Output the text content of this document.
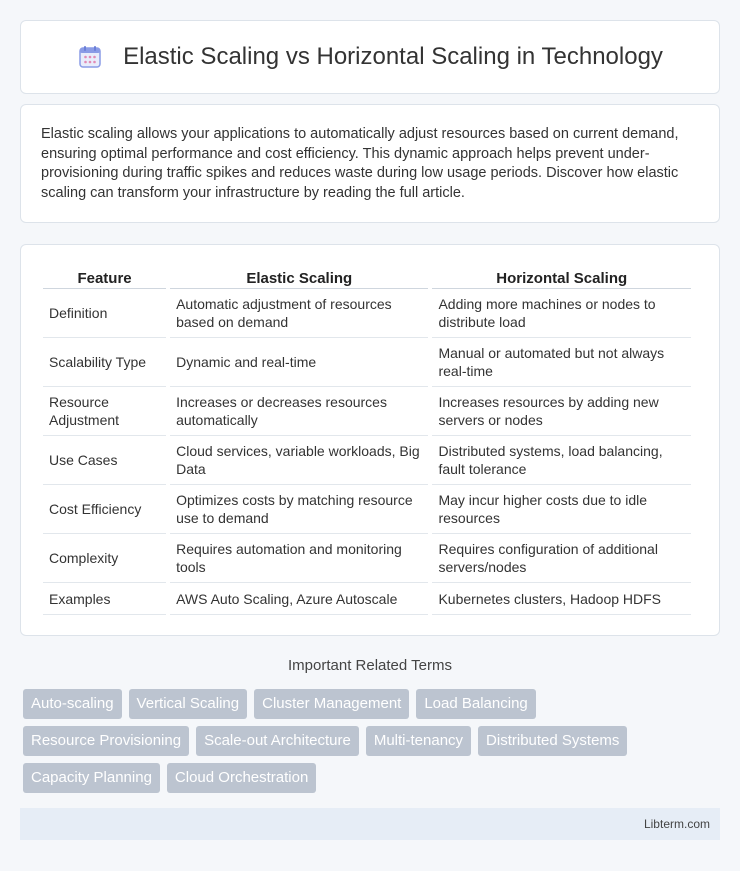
Elastic Scaling vs Horizontal Scaling in Technology

Elastic scaling allows your applications to automatically adjust resources based on current demand, ensuring optimal performance and cost efficiency. This dynamic approach helps prevent under-provisioning during traffic spikes and reduces waste during low usage periods. Discover how elastic scaling can transform your infrastructure by reading the full article.

Feature	Elastic Scaling	Horizontal Scaling
Definition	Automatic adjustment of resources based on demand	Adding more machines or nodes to distribute load
Scalability Type	Dynamic and real-time	Manual or automated but not always real-time
Resource Adjustment	Increases or decreases resources automatically	Increases resources by adding new servers or nodes
Use Cases	Cloud services, variable workloads, Big Data	Distributed systems, load balancing, fault tolerance
Cost Efficiency	Optimizes costs by matching resource use to demand	May incur higher costs due to idle resources
Complexity	Requires automation and monitoring tools	Requires configuration of additional servers/nodes
Examples	AWS Auto Scaling, Azure Autoscale	Kubernetes clusters, Hadoop HDFS
Important Related Terms
Auto-scaling	Vertical Scaling	Cluster Management	Load Balancing
Resource Provisioning	Scale-out Architecture	Multi-tenancy	Distributed Systems
Capacity Planning	Cloud Orchestration
Libterm.com
